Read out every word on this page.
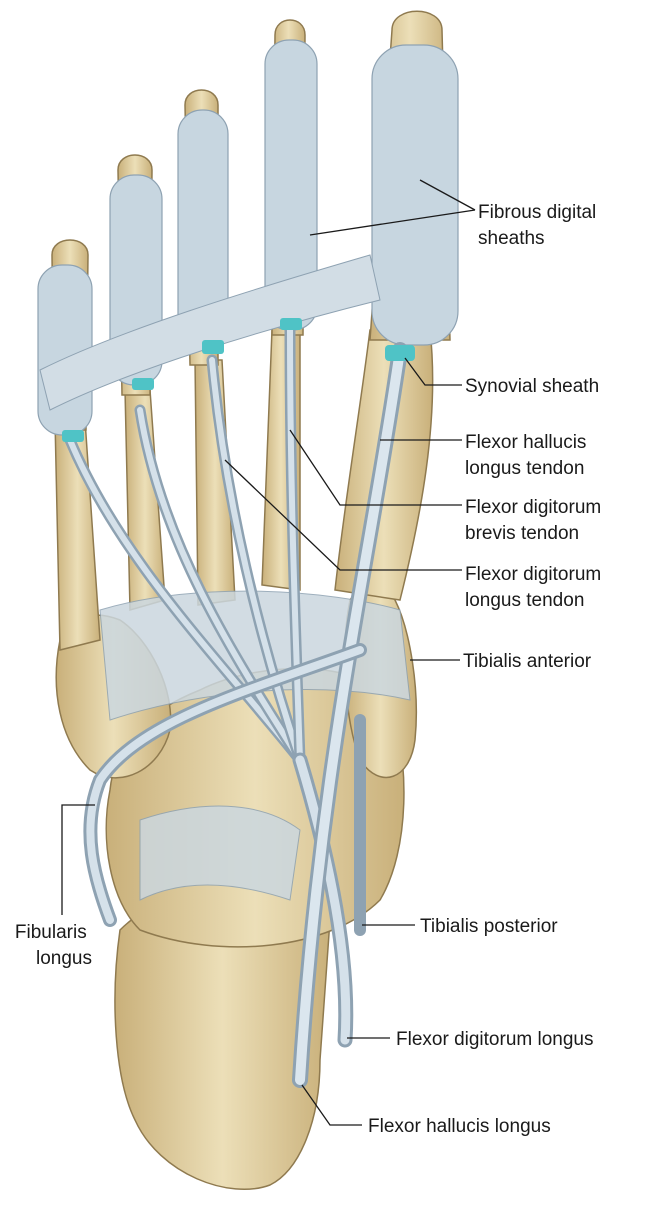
Fibrous digital sheaths
Synovial sheath
Flexor hallucis longus tendon
Flexor digitorum brevis tendon
Flexor digitorum longus tendon
Tibialis anterior
Fibularis longus
Tibialis posterior
Flexor digitorum longus
Flexor hallucis longus
